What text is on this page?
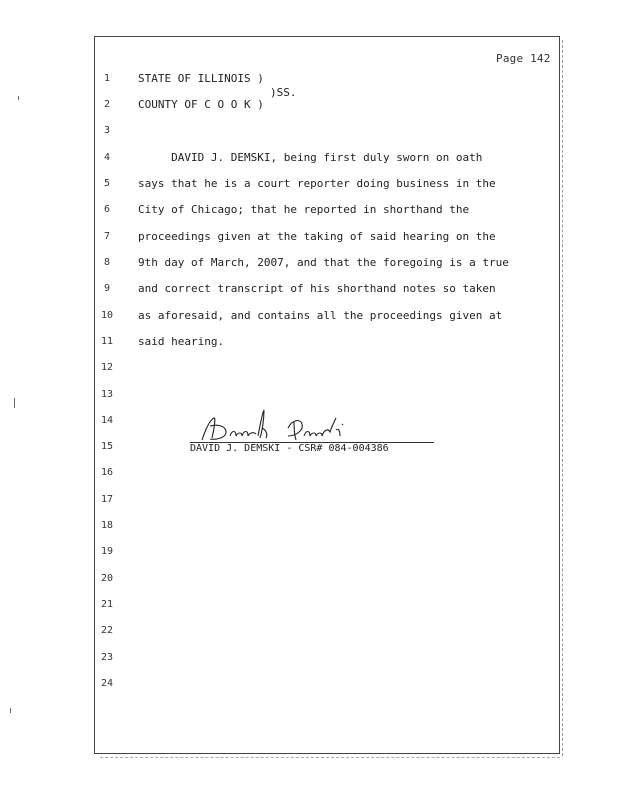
Page 142
1
2
3
4
5
6
7
8
9
10
11
12
13
14
15
16
17
18
19
20
21
22
23
24
STATE OF ILLINOIS )
)SS.
COUNTY OF C O O K )
DAVID J. DEMSKI, being first duly sworn on oath
says that he is a court reporter doing business in the
City of Chicago; that he reported in shorthand the
proceedings given at the taking of said hearing on the
9th day of March, 2007, and that the foregoing is a true
and correct transcript of his shorthand notes so taken
as aforesaid, and contains all the proceedings given at
said hearing.
DAVID J. DEMSKI - CSR# 084-004386
